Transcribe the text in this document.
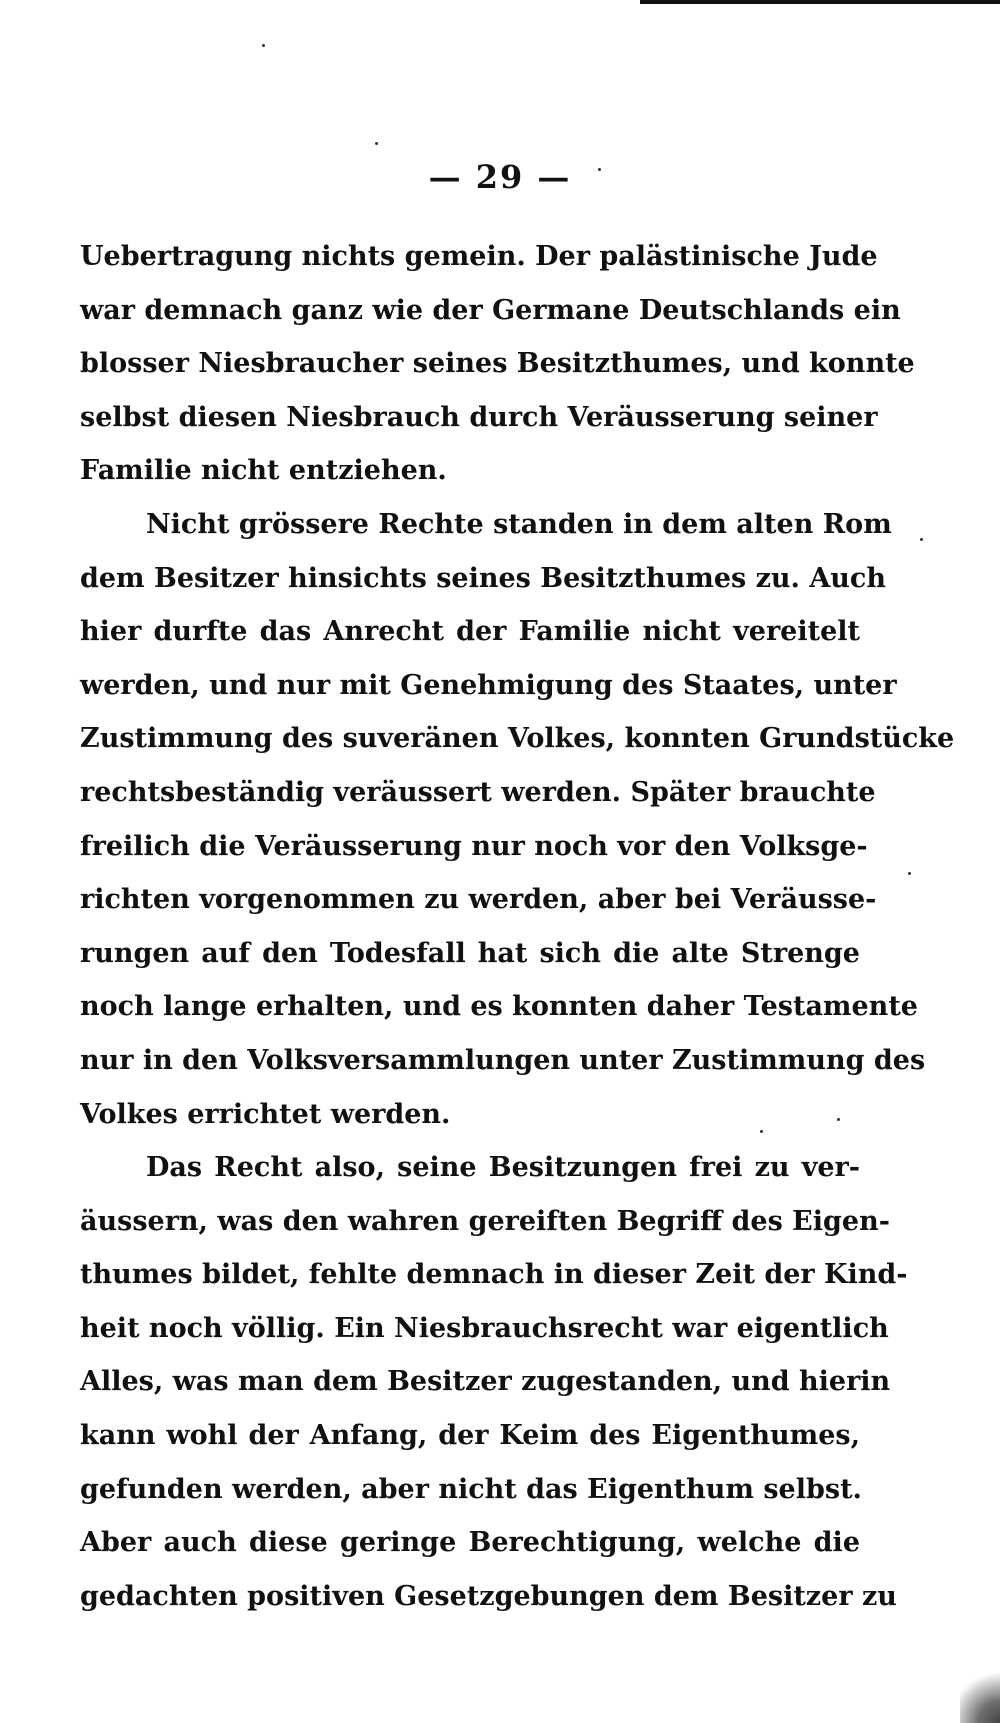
— 29 —
Uebertragung nichts gemein. Der palästinische Jude
war demnach ganz wie der Germane Deutschlands ein
blosser Niesbraucher seines Besitzthumes, und konnte
selbst diesen Niesbrauch durch Veräusserung seiner
Familie nicht entziehen.
Nicht grössere Rechte standen in dem alten Rom
dem Besitzer hinsichts seines Besitzthumes zu. Auch
hier durfte das Anrecht der Familie nicht vereitelt
werden, und nur mit Genehmigung des Staates, unter
Zustimmung des suveränen Volkes, konnten Grundstücke
rechtsbeständig veräussert werden. Später brauchte
freilich die Veräusserung nur noch vor den Volksge-
richten vorgenommen zu werden, aber bei Veräusse-
rungen auf den Todesfall hat sich die alte Strenge
noch lange erhalten, und es konnten daher Testamente
nur in den Volksversammlungen unter Zustimmung des
Volkes errichtet werden.
Das Recht also, seine Besitzungen frei zu ver-
äussern, was den wahren gereiften Begriff des Eigen-
thumes bildet, fehlte demnach in dieser Zeit der Kind-
heit noch völlig. Ein Niesbrauchsrecht war eigentlich
Alles, was man dem Besitzer zugestanden, und hierin
kann wohl der Anfang, der Keim des Eigenthumes,
gefunden werden, aber nicht das Eigenthum selbst.
Aber auch diese geringe Berechtigung, welche die
gedachten positiven Gesetzgebungen dem Besitzer zu
